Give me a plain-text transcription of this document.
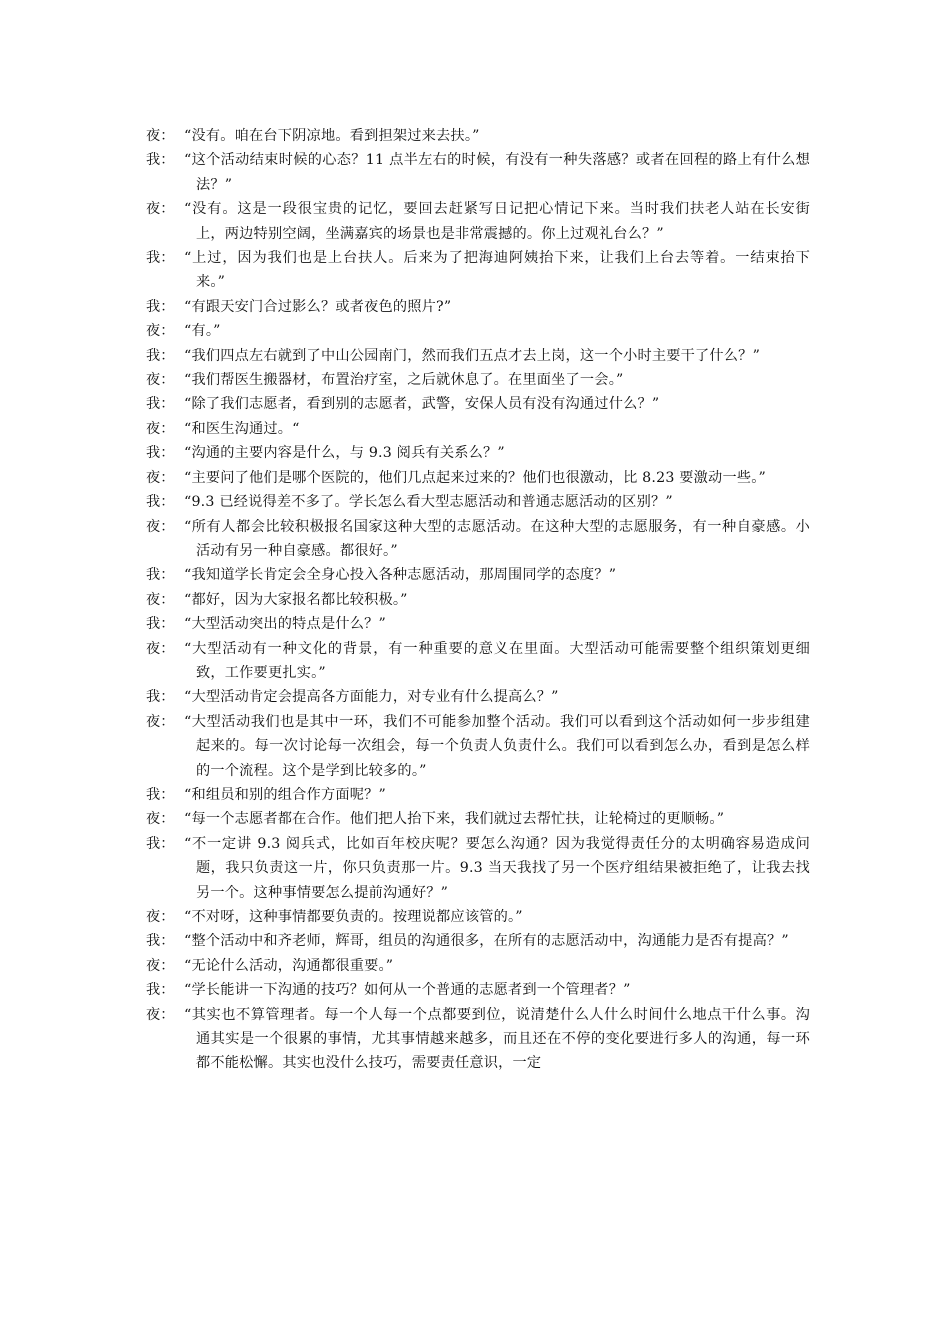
夜： “没有。咱在台下阴凉地。看到担架过来去扶。”
我： “这个活动结束时候的心态？11 点半左右的时候，有没有一种失落感？或者在回程的路上有什么想法？”
夜： “没有。这是一段很宝贵的记忆，要回去赶紧写日记把心情记下来。当时我们扶老人站在长安街上，两边特别空阔，坐满嘉宾的场景也是非常震撼的。你上过观礼台么？”
我： “上过，因为我们也是上台扶人。后来为了把海迪阿姨抬下来，让我们上台去等着。一结束抬下来。”
我： “有跟天安门合过影么？或者夜色的照片?”
夜： “有。”
我： “我们四点左右就到了中山公园南门，然而我们五点才去上岗，这一个小时主要干了什么？”
夜： “我们帮医生搬器材，布置治疗室，之后就休息了。在里面坐了一会。”
我： “除了我们志愿者，看到别的志愿者，武警，安保人员有没有沟通过什么？”
夜： “和医生沟通过。“
我： “沟通的主要内容是什么，与 9.3 阅兵有关系么？”
夜： “主要问了他们是哪个医院的，他们几点起来过来的？他们也很激动，比 8.23 要激动一些。”
我： “9.3 已经说得差不多了。学长怎么看大型志愿活动和普通志愿活动的区别？”
夜： “所有人都会比较积极报名国家这种大型的志愿活动。在这种大型的志愿服务，有一种自豪感。小活动有另一种自豪感。都很好。”
我： “我知道学长肯定会全身心投入各种志愿活动，那周围同学的态度？”
夜： “都好，因为大家报名都比较积极。”
我： “大型活动突出的特点是什么？”
夜： “大型活动有一种文化的背景，有一种重要的意义在里面。大型活动可能需要整个组织策划更细致，工作要更扎实。”
我： “大型活动肯定会提高各方面能力，对专业有什么提高么？”
夜： “大型活动我们也是其中一环，我们不可能参加整个活动。我们可以看到这个活动如何一步步组建起来的。每一次讨论每一次组会，每一个负责人负责什么。我们可以看到怎么办，看到是怎么样的一个流程。这个是学到比较多的。”
我： “和组员和别的组合作方面呢？”
夜： “每一个志愿者都在合作。他们把人抬下来，我们就过去帮忙扶，让轮椅过的更顺畅。”
我： “不一定讲 9.3 阅兵式，比如百年校庆呢？要怎么沟通？因为我觉得责任分的太明确容易造成问题，我只负责这一片，你只负责那一片。9.3 当天我找了另一个医疗组结果被拒绝了，让我去找另一个。这种事情要怎么提前沟通好？”
夜： “不对呀，这种事情都要负责的。按理说都应该管的。”
我： “整个活动中和齐老师，辉哥，组员的沟通很多，在所有的志愿活动中，沟通能力是否有提高？”
夜： “无论什么活动，沟通都很重要。”
我： “学长能讲一下沟通的技巧？如何从一个普通的志愿者到一个管理者？”
夜： “其实也不算管理者。每一个人每一个点都要到位，说清楚什么人什么时间什么地点干什么事。沟通其实是一个很累的事情，尤其事情越来越多，而且还在不停的变化要进行多人的沟通，每一环都不能松懈。其实也没什么技巧，需要责任意识，一定
